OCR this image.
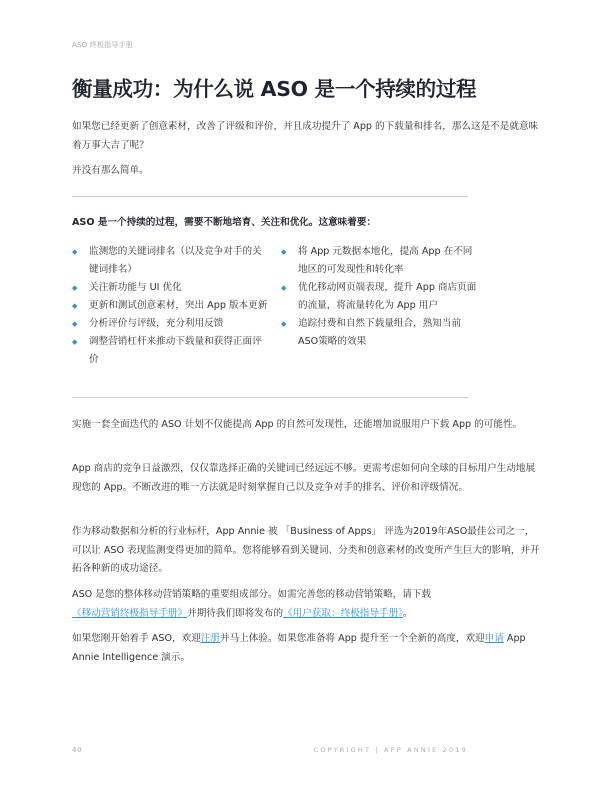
ASO 终极指导手册
衡量成功：为什么说 ASO 是一个持续的过程

如果您已经更新了创意素材，改善了评级和评价，并且成功提升了 App 的下载量和排名，那么这是不是就意味着万事大吉了呢？

并没有那么简单。

ASO 是一个持续的过程，需要不断地培育、关注和优化。这意味着要：
◆ 监测您的关键词排名（以及竞争对手的关键词排名）
◆ 关注新功能与 UI 优化
◆ 更新和测试创意素材，突出 App 版本更新
◆ 分析评价与评级，充分利用反馈
◆ 调整营销杠杆来推动下载量和获得正面评价
◆ 将 App 元数据本地化，提高 App 在不同地区的可发现性和转化率
◆ 优化移动网页端表现，提升 App 商店页面的流量，将流量转化为 App 用户
◆ 追踪付费和自然下载量组合，熟知当前ASO策略的效果

实施一套全面迭代的 ASO 计划不仅能提高 App 的自然可发现性，还能增加说服用户下载 App 的可能性。

App 商店的竞争日益激烈，仅仅靠选择正确的关键词已经远远不够。更需考虑如何向全球的目标用户生动地展现您的 App。不断改进的唯一方法就是时刻掌握自己以及竞争对手的排名、评价和评级情况。

作为移动数据和分析的行业标杆，App Annie 被 「Business of Apps」 评选为2019年ASO最佳公司之一，可以让 ASO 表现监测变得更加的简单。您将能够看到关键词、分类和创意素材的改变所产生巨大的影响，并开拓各种新的成功途径。

ASO 是您的整体移动营销策略的重要组成部分。如需完善您的移动营销策略，请下载《移动营销终极指导手册》并期待我们即将发布的《用户获取：终极指导手册》。

如果您刚开始着手 ASO，欢迎注册并马上体验。如果您准备将 App 提升至一个全新的高度，欢迎申请 App Annie Intelligence 演示。

40	COPYRIGHT | APP ANNIE 2019
